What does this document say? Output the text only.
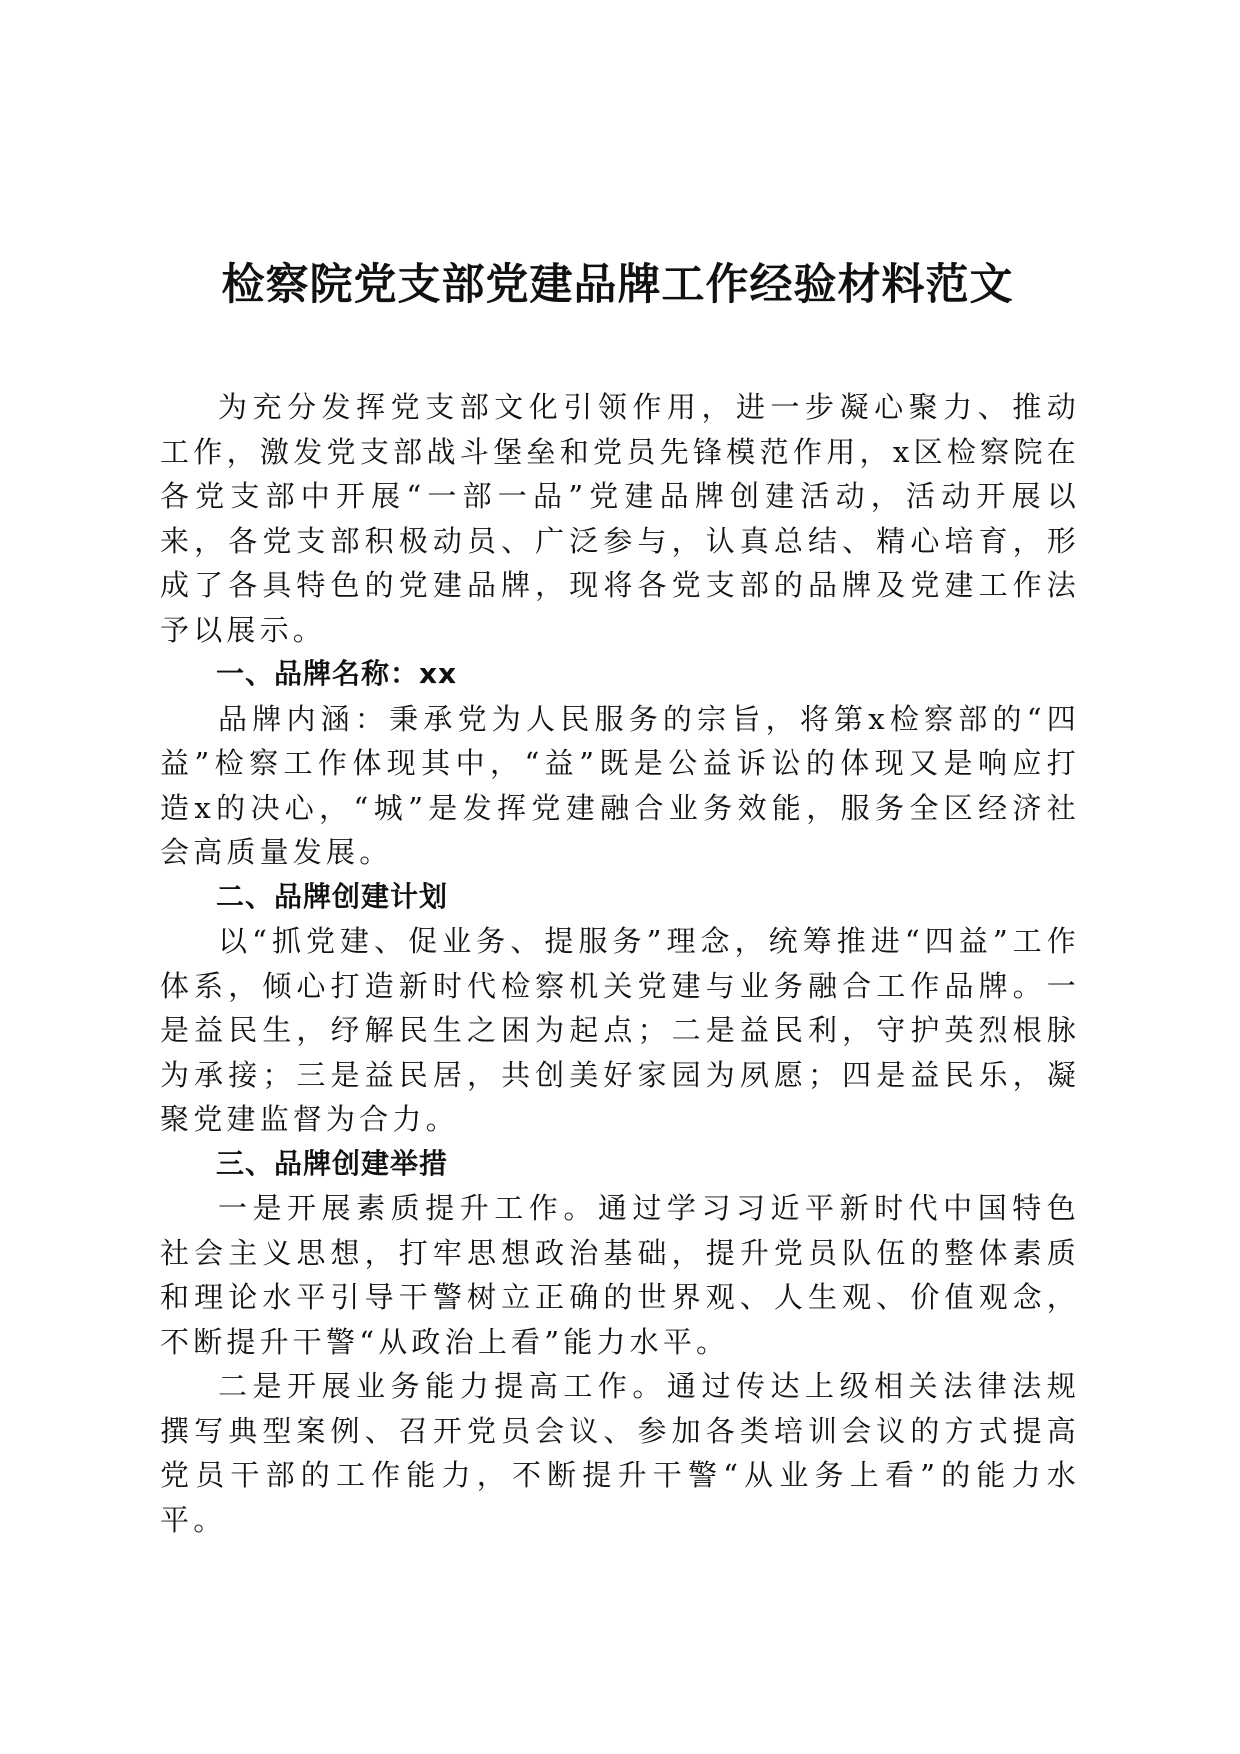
检察院党支部党建品牌工作经验材料范文

为充分发挥党支部文化引领作用，进一步凝心聚力、推动工作，激发党支部战斗堡垒和党员先锋模范作用，x区检察院在各党支部中开展“一部一品”党建品牌创建活动，活动开展以来，各党支部积极动员、广泛参与，认真总结、精心培育，形成了各具特色的党建品牌，现将各党支部的品牌及党建工作法予以展示。

一、品牌名称：xx

品牌内涵：秉承党为人民服务的宗旨，将第x检察部的“四益”检察工作体现其中，“益”既是公益诉讼的体现又是响应打造x的决心，“城”是发挥党建融合业务效能，服务全区经济社会高质量发展。

二、品牌创建计划

以“抓党建、促业务、提服务”理念，统筹推进“四益”工作体系，倾心打造新时代检察机关党建与业务融合工作品牌。一是益民生，纾解民生之困为起点；二是益民利，守护英烈根脉为承接；三是益民居，共创美好家园为夙愿；四是益民乐，凝聚党建监督为合力。

三、品牌创建举措

一是开展素质提升工作。通过学习习近平新时代中国特色社会主义思想，打牢思想政治基础，提升党员队伍的整体素质和理论水平引导干警树立正确的世界观、人生观、价值观念，不断提升干警“从政治上看”能力水平。

二是开展业务能力提高工作。通过传达上级相关法律法规撰写典型案例、召开党员会议、参加各类培训会议的方式提高党员干部的工作能力，不断提升干警“从业务上看”的能力水平。
